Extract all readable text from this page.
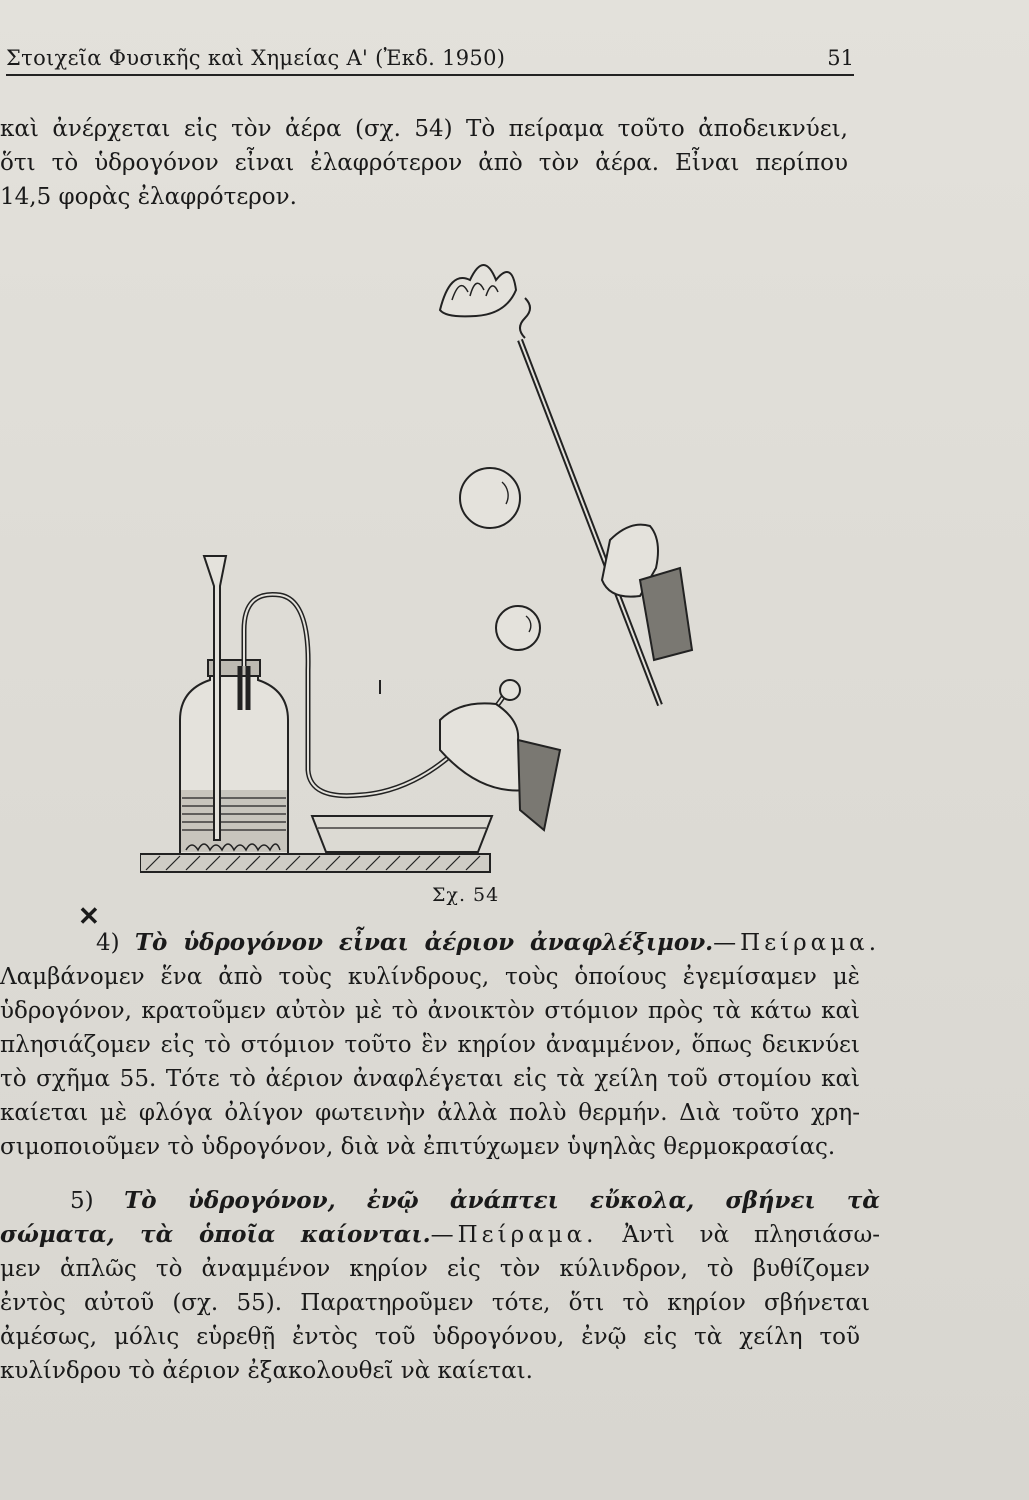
Στοιχεῖα Φυσικῆς καὶ Χημείας Α' (Ἐκδ. 1950)	51
καὶ ἀνέρχεται εἰς τὸν ἀέρα (σχ. 54) Τὸ πείραμα τοῦτο ἀποδεικνύει,
ὅτι τὸ ὑδρογόνον εἶναι ἐλαφρότερον ἀπὸ τὸν ἀέρα. Εἶναι περίπου
14,5 φορὰς ἐλαφρότερον.
Σχ. 54
✕
4) Τὸ ὑδρογόνον εἶναι ἀέριον ἀναφλέξιμον.—Πείραμα.
Λαμβάνομεν ἕνα ἀπὸ τοὺς κυλίνδρους, τοὺς ὁποίους ἐγεμίσαμεν μὲ
ὑδρογόνον, κρατοῦμεν αὐτὸν μὲ τὸ ἀνοικτὸν στόμιον πρὸς τὰ κάτω καὶ
πλησιάζομεν εἰς τὸ στόμιον τοῦτο ἓν κηρίον ἀναμμένον, ὅπως δεικνύει
τὸ σχῆμα 55. Τότε τὸ ἀέριον ἀναφλέγεται εἰς τὰ χείλη τοῦ στομίου καὶ
καίεται μὲ φλόγα ὀλίγον φωτεινὴν ἀλλὰ πολὺ θερμήν. Διὰ τοῦτο χρη-
σιμοποιοῦμεν τὸ ὑδρογόνον, διὰ νὰ ἐπιτύχωμεν ὑψηλὰς θερμοκρασίας.
5) Τὸ ὑδρογόνον, ἐνῷ ἀνάπτει εὔκολα, σβήνει τὰ
σώματα, τὰ ὁποῖα καίονται.—Πείραμα. Ἀντὶ νὰ πλησιάσω-
μεν ἁπλῶς τὸ ἀναμμένον κηρίον εἰς τὸν κύλινδρον, τὸ βυθίζομεν
ἐντὸς αὐτοῦ (σχ. 55). Παρατηροῦμεν τότε, ὅτι τὸ κηρίον σβήνεται
ἀμέσως, μόλις εὑρεθῇ ἐντὸς τοῦ ὑδρογόνου, ἐνῷ εἰς τὰ χείλη τοῦ
κυλίνδρου τὸ ἀέριον ἐξακολουθεῖ νὰ καίεται.
